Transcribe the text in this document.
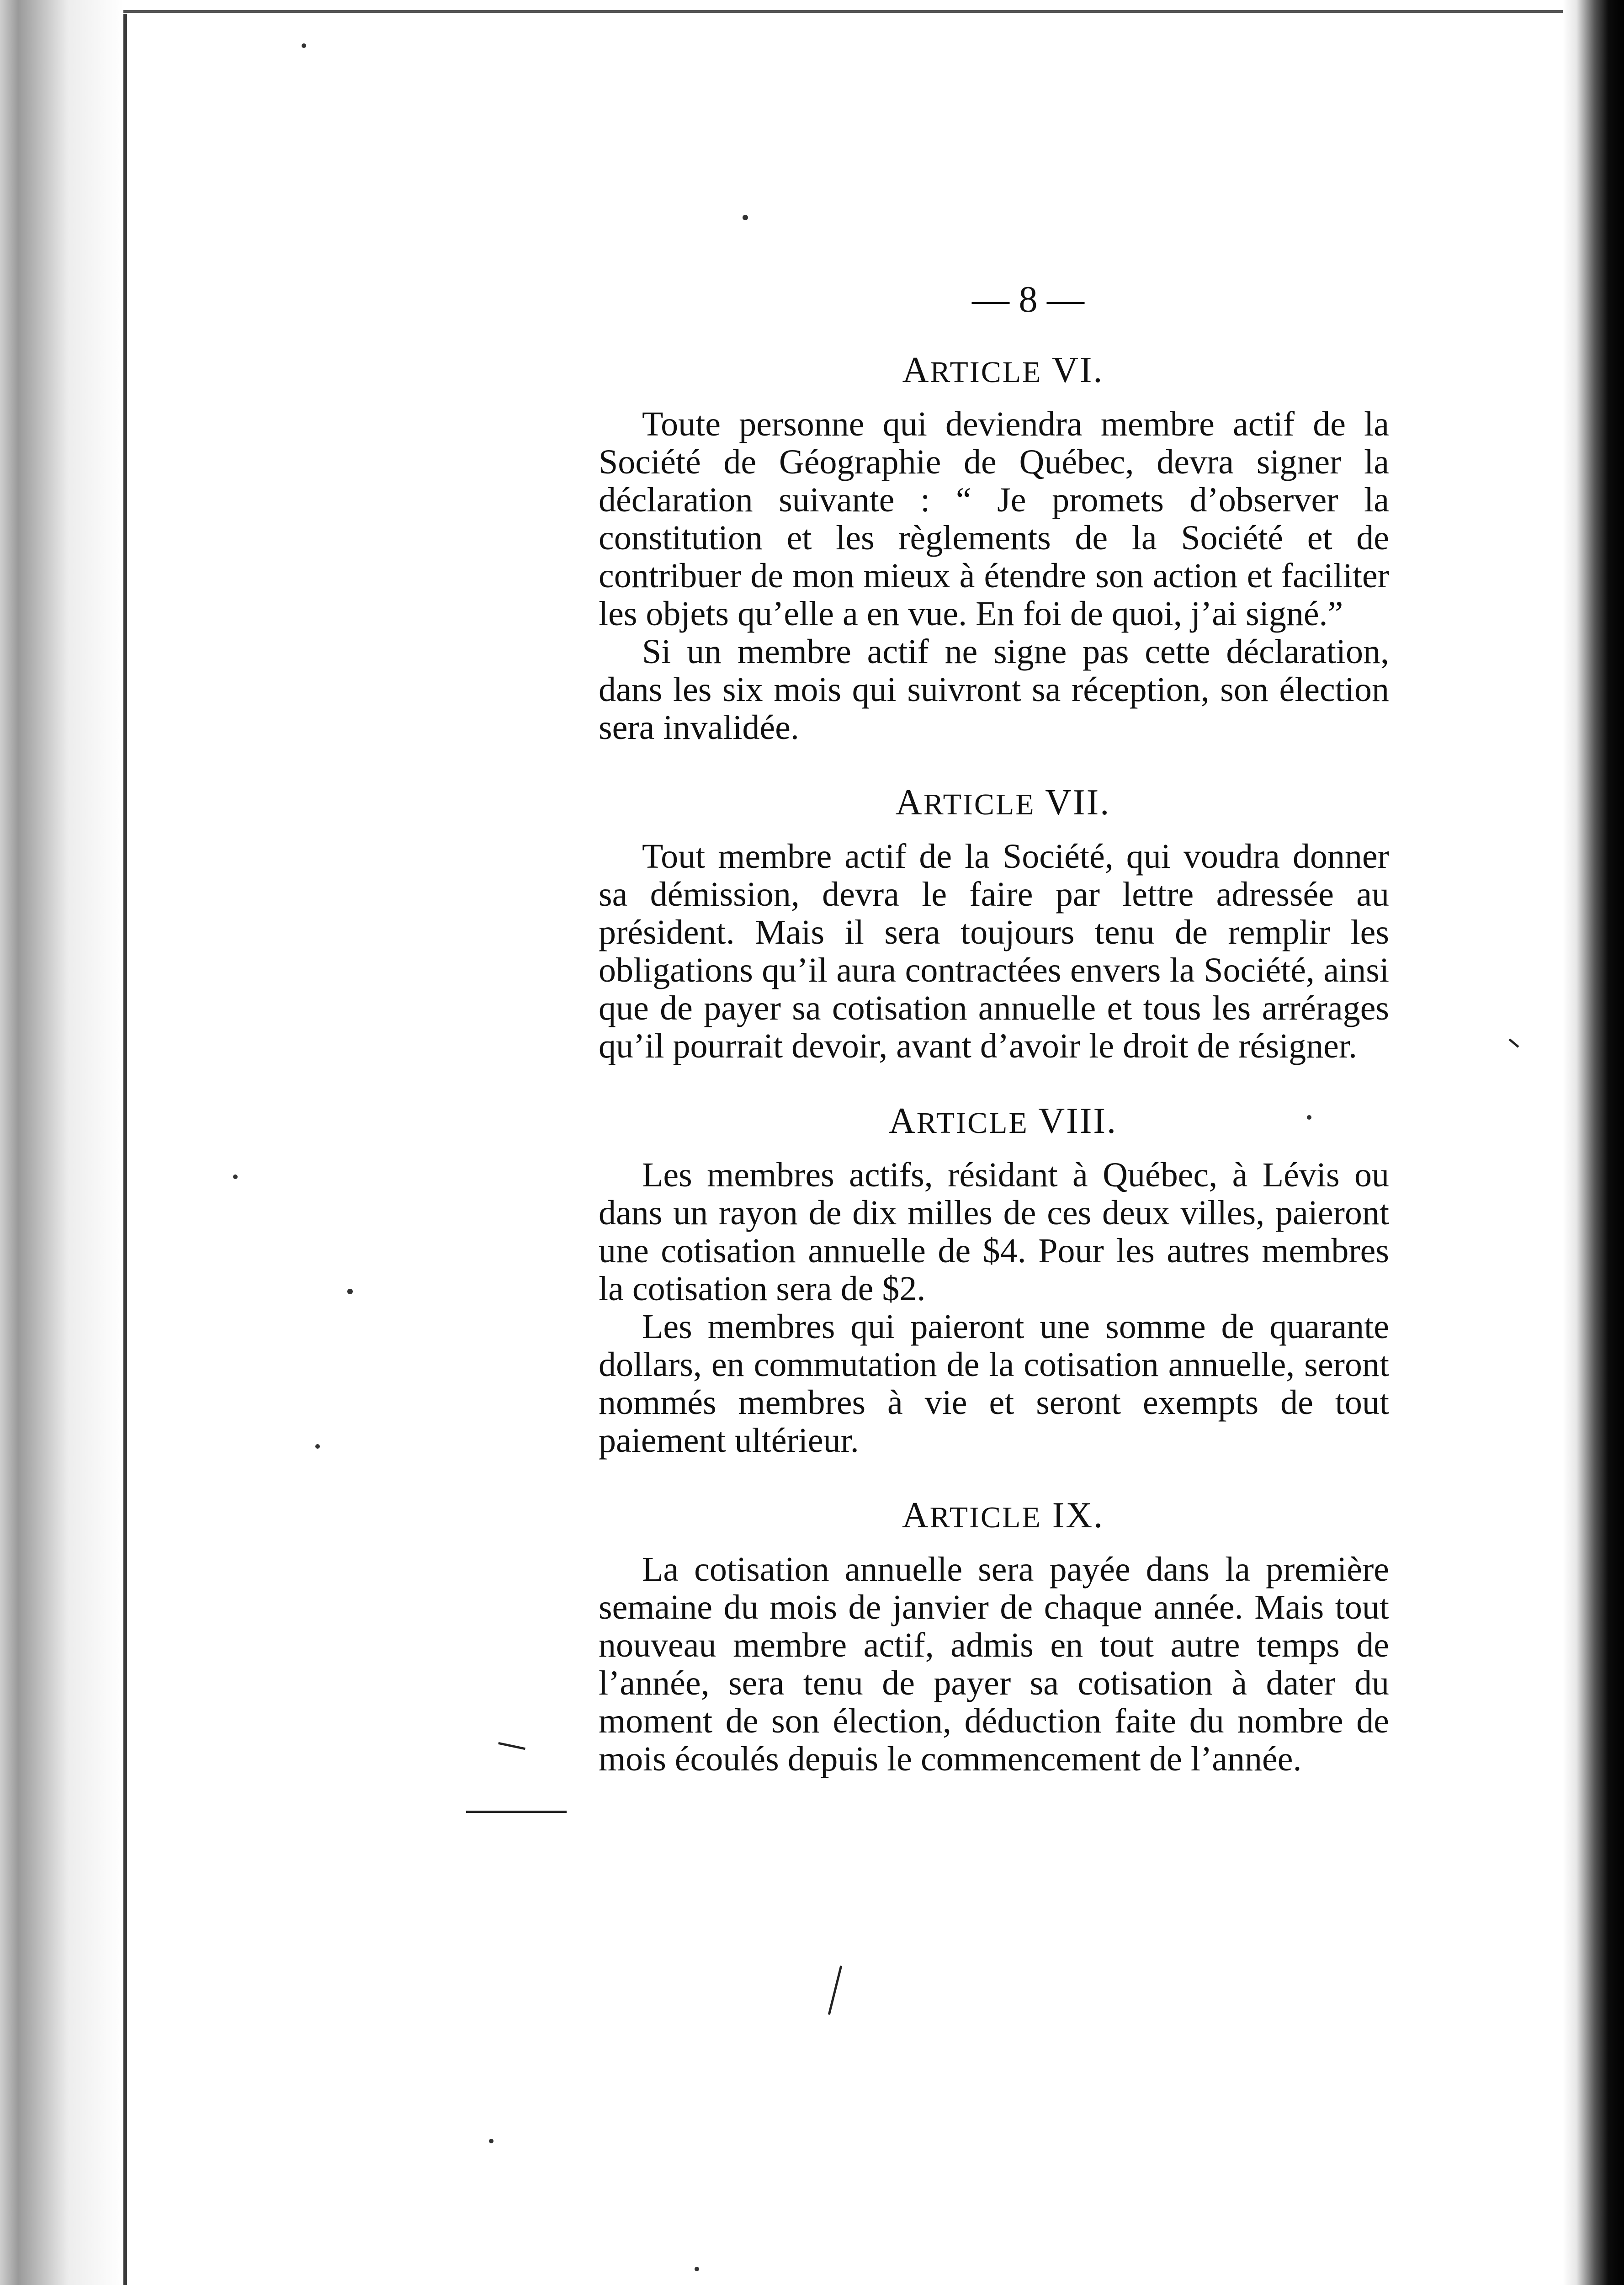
— 8 —
ARTICLE VI.

Toute personne qui deviendra membre actif de la Société de Géographie de Québec, devra signer la déclaration suivante : “ Je promets d’observer la constitution et les règlements de la Société et de contribuer de mon mieux à étendre son action et faciliter les objets qu’elle a en vue. En foi de quoi, j’ai signé.”

Si un membre actif ne signe pas cette déclaration, dans les six mois qui suivront sa réception, son élection sera invalidée.

ARTICLE VII.

Tout membre actif de la Société, qui voudra donner sa démission, devra le faire par lettre adressée au président. Mais il sera toujours tenu de remplir les obligations qu’il aura contractées envers la Société, ainsi que de payer sa cotisation annuelle et tous les arrérages qu’il pourrait devoir, avant d’avoir le droit de résigner.

ARTICLE VIII.

Les membres actifs, résidant à Québec, à Lévis ou dans un rayon de dix milles de ces deux villes, paieront une cotisation annuelle de $4. Pour les autres membres la cotisation sera de $2.

Les membres qui paieront une somme de quarante dollars, en commutation de la cotisation annuelle, seront nommés membres à vie et seront exempts de tout paiement ultérieur.

ARTICLE IX.

La cotisation annuelle sera payée dans la première semaine du mois de janvier de chaque année. Mais tout nouveau membre actif, admis en tout autre temps de l’année, sera tenu de payer sa cotisation à dater du moment de son élection, déduction faite du nombre de mois écoulés depuis le commencement de l’année.
